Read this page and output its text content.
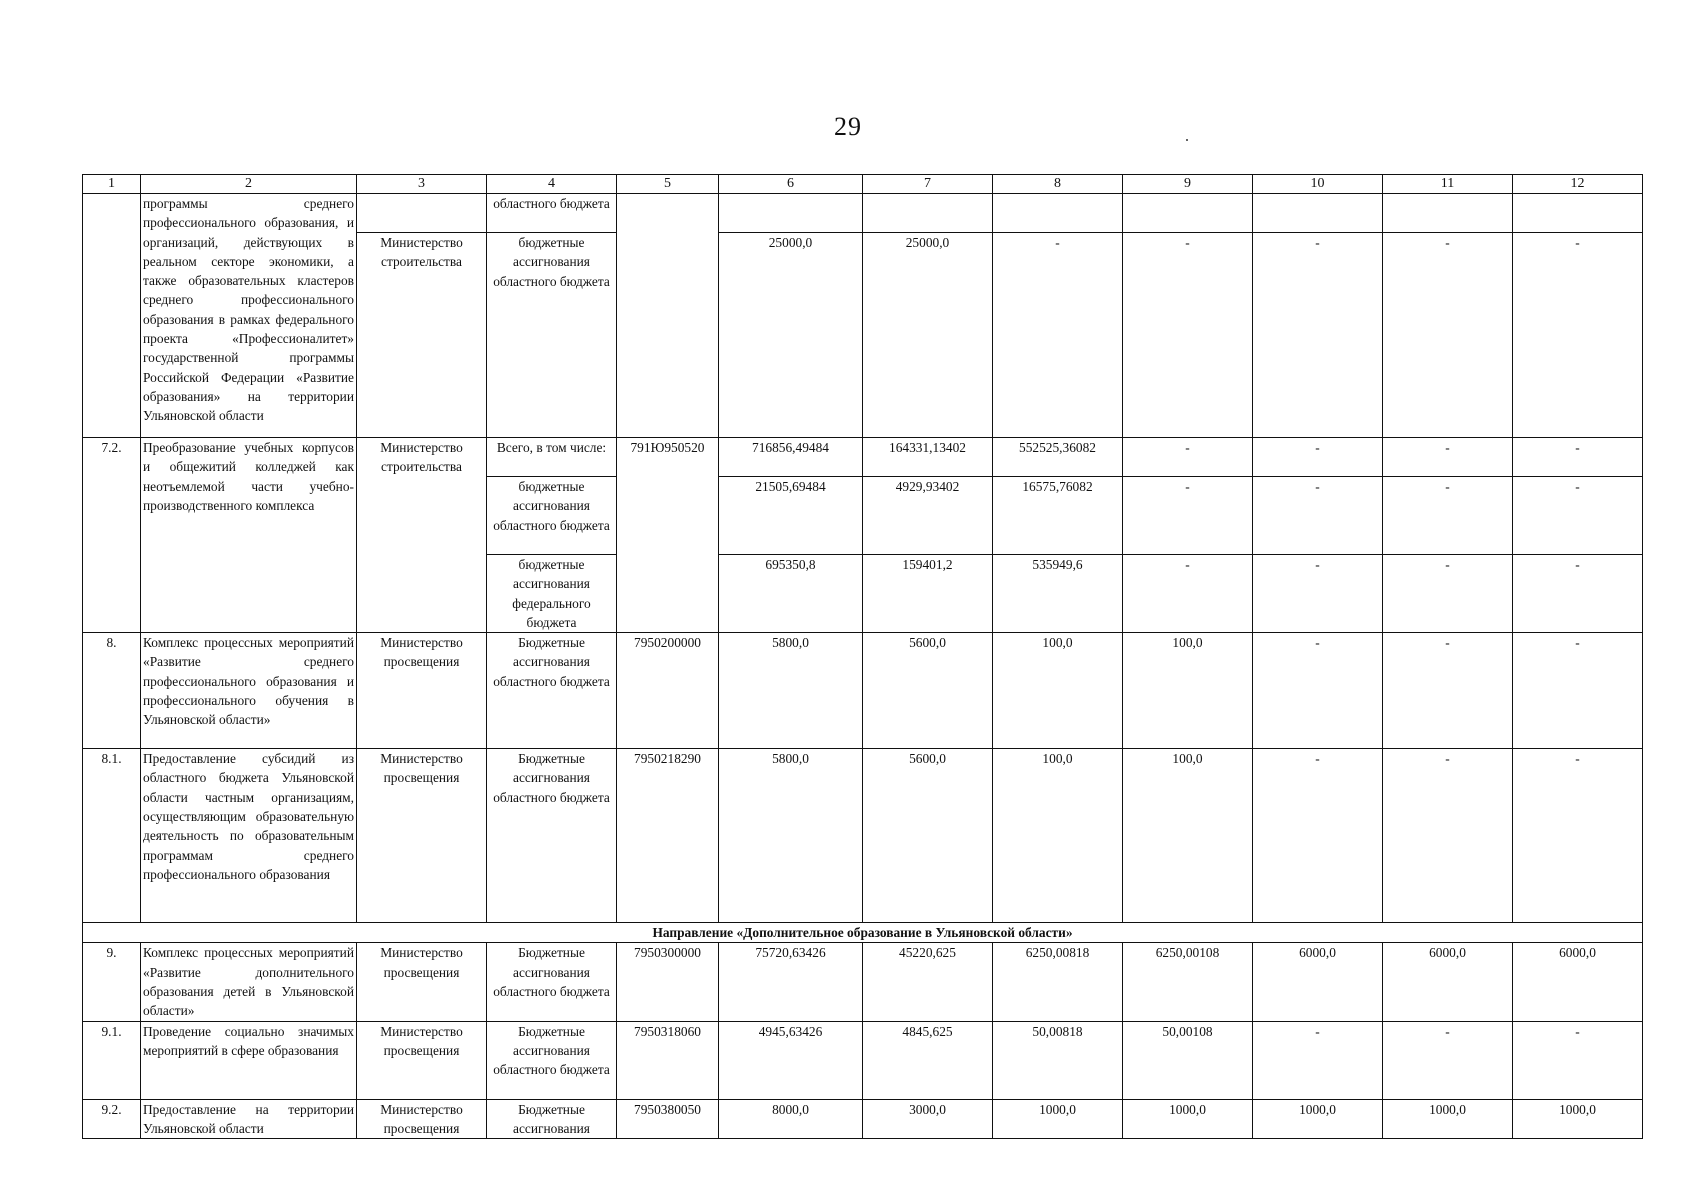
29
1	2	3	4	5	6	7	8	9	10	11	12
	программы среднего профессионального образования, и организаций, действующих в реальном секторе экономики, а также образовательных кластеров среднего профессионального образования в рамках федерального проекта «Профессионалитет» государственной программы Российской Федерации «Развитие образования» на территории Ульяновской области		областного бюджета								
		Министерство строительства	бюджетные ассигнования областного бюджета		25000,0	25000,0	-	-	-	-	-
7.2.	Преобразование учебных корпусов и общежитий колледжей как неотъемлемой части учебно-производственного комплекса	Министерство строительства	Всего, в том числе:	791Ю950520	716856,49484	164331,13402	552525,36082	-	-	-	-
			бюджетные ассигнования областного бюджета		21505,69484	4929,93402	16575,76082	-	-	-	-
			бюджетные ассигнования федерального бюджета		695350,8	159401,2	535949,6	-	-	-	-
8.	Комплекс процессных мероприятий «Развитие среднего профессионального образования и профессионального обучения в Ульяновской области»	Министерство просвещения	Бюджетные ассигнования областного бюджета	7950200000	5800,0	5600,0	100,0	100,0	-	-	-
8.1.	Предоставление субсидий из областного бюджета Ульяновской области частным организациям, осуществляющим образовательную деятельность по образовательным программам среднего профессионального образования	Министерство просвещения	Бюджетные ассигнования областного бюджета	7950218290	5800,0	5600,0	100,0	100,0	-	-	-
Направление «Дополнительное образование в Ульяновской области»											
9.	Комплекс процессных мероприятий «Развитие дополнительного образования детей в Ульяновской области»	Министерство просвещения	Бюджетные ассигнования областного бюджета	7950300000	75720,63426	45220,625	6250,00818	6250,00108	6000,0	6000,0	6000,0
9.1.	Проведение социально значимых мероприятий в сфере образования	Министерство просвещения	Бюджетные ассигнования областного бюджета	7950318060	4945,63426	4845,625	50,00818	50,00108	-	-	-
9.2.	Предоставление на территории Ульяновской области	Министерство просвещения	Бюджетные ассигнования	7950380050	8000,0	3000,0	1000,0	1000,0	1000,0	1000,0	1000,0
